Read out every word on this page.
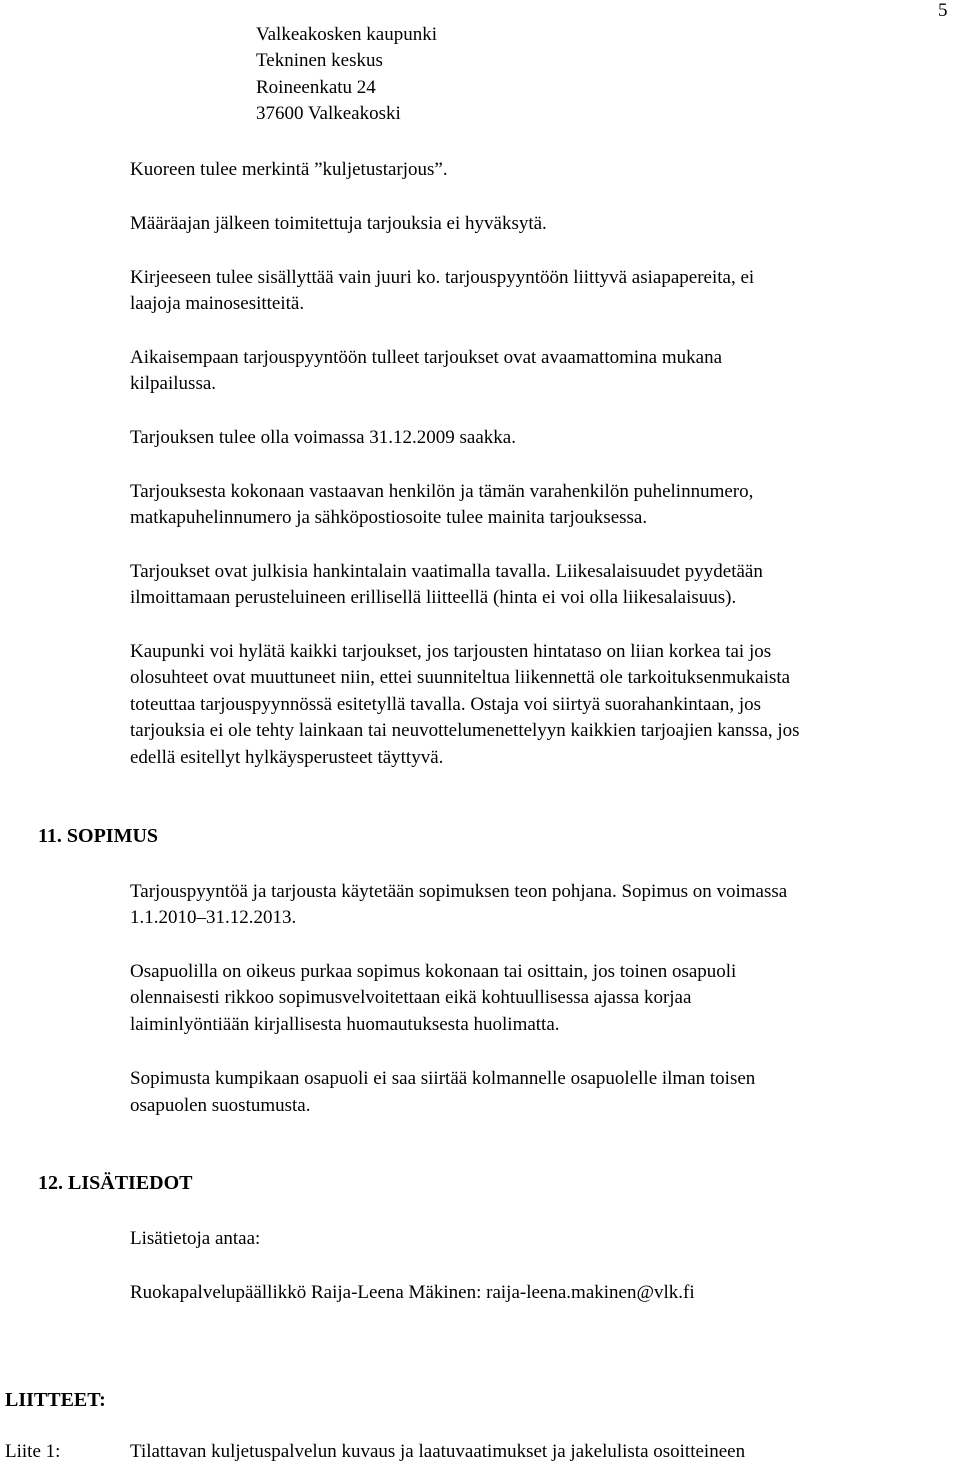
5
Valkeakosken kaupunki
Tekninen keskus
Roineenkatu 24
37600 Valkeakoski
Kuoreen tulee merkintä ”kuljetustarjous”.
Määräajan jälkeen toimitettuja tarjouksia ei hyväksytä.
Kirjeeseen tulee sisällyttää vain juuri ko. tarjouspyyntöön liittyvä asiapapereita, ei
laajoja mainosesitteitä.
Aikaisempaan tarjouspyyntöön tulleet tarjoukset ovat avaamattomina mukana
kilpailussa.
Tarjouksen tulee olla voimassa 31.12.2009 saakka.
Tarjouksesta kokonaan vastaavan henkilön ja tämän varahenkilön puhelinnumero,
matkapuhelinnumero ja sähköpostiosoite tulee mainita tarjouksessa.
Tarjoukset ovat julkisia hankintalain vaatimalla tavalla. Liikesalaisuudet pyydetään
ilmoittamaan perusteluineen erillisellä liitteellä (hinta ei voi olla liikesalaisuus).
Kaupunki voi hylätä kaikki tarjoukset, jos tarjousten hintataso on liian korkea tai jos
olosuhteet ovat muuttuneet niin, ettei suunniteltua liikennettä ole tarkoituksenmukaista
toteuttaa tarjouspyynnössä esitetyllä tavalla. Ostaja voi siirtyä suorahankintaan, jos
tarjouksia ei ole tehty lainkaan tai neuvottelumenettelyyn kaikkien tarjoajien kanssa, jos
edellä esitellyt hylkäysperusteet täyttyvä.
11. SOPIMUS
Tarjouspyyntöä ja tarjousta käytetään sopimuksen teon pohjana. Sopimus on voimassa
1.1.2010–31.12.2013.
Osapuolilla on oikeus purkaa sopimus kokonaan tai osittain, jos toinen osapuoli
olennaisesti rikkoo sopimusvelvoitettaan eikä kohtuullisessa ajassa korjaa
laiminlyöntiään kirjallisesta huomautuksesta huolimatta.
Sopimusta kumpikaan osapuoli ei saa siirtää kolmannelle osapuolelle ilman toisen
osapuolen suostumusta.
12. LISÄTIEDOT
Lisätietoja antaa:
Ruokapalvelupäällikkö Raija-Leena Mäkinen: raija-leena.makinen@vlk.fi
LIITTEET:
Liite 1:	Tilattavan kuljetuspalvelun kuvaus ja laatuvaatimukset ja jakelulista osoitteineen
